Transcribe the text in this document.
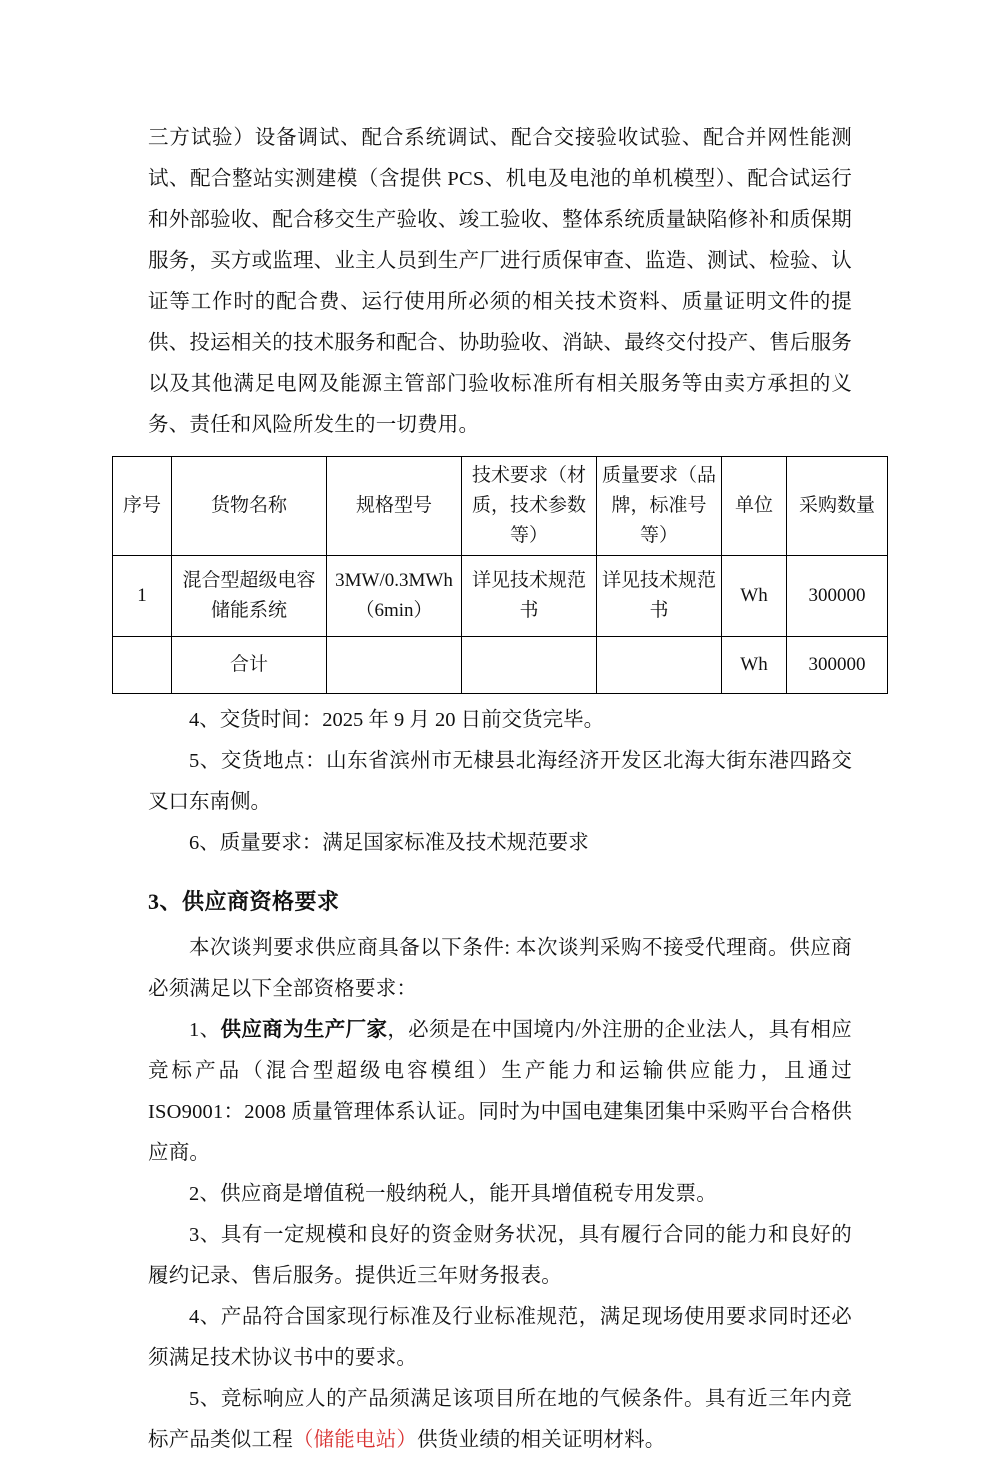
三方试验）设备调试、配合系统调试、配合交接验收试验、配合并网性能测试、配合整站实测建模（含提供 PCS、机电及电池的单机模型）、配合试运行和外部验收、配合移交生产验收、竣工验收、整体系统质量缺陷修补和质保期服务，买方或监理、业主人员到生产厂进行质保审查、监造、测试、检验、认证等工作时的配合费、运行使用所必须的相关技术资料、质量证明文件的提供、投运相关的技术服务和配合、协助验收、消缺、最终交付投产、售后服务以及其他满足电网及能源主管部门验收标准所有相关服务等由卖方承担的义务、责任和风险所发生的一切费用。

序号	货物名称	规格型号	技术要求（材质，技术参数等）	质量要求（品牌，标准号等）	单位	采购数量
1	混合型超级电容储能系统	3MW/0.3MWh（6min）	详见技术规范书	详见技术规范书	Wh	300000
	合计				Wh	300000

4、交货时间：2025 年 9 月 20 日前交货完毕。

5、交货地点：山东省滨州市无棣县北海经济开发区北海大街东港四路交叉口东南侧。

6、质量要求：满足国家标准及技术规范要求

3、供应商资格要求

本次谈判要求供应商具备以下条件: 本次谈判采购不接受代理商。供应商必须满足以下全部资格要求：

1、供应商为生产厂家，必须是在中国境内/外注册的企业法人，具有相应竞标产品（混合型超级电容模组）生产能力和运输供应能力，且通过 ISO9001：2008 质量管理体系认证。同时为中国电建集团集中采购平台合格供应商。

2、供应商是增值税一般纳税人，能开具增值税专用发票。

3、具有一定规模和良好的资金财务状况，具有履行合同的能力和良好的履约记录、售后服务。提供近三年财务报表。

4、产品符合国家现行标准及行业标准规范，满足现场使用要求同时还必须满足技术协议书中的要求。

5、竞标响应人的产品须满足该项目所在地的气候条件。具有近三年内竞标产品类似工程（储能电站）供货业绩的相关证明材料。
